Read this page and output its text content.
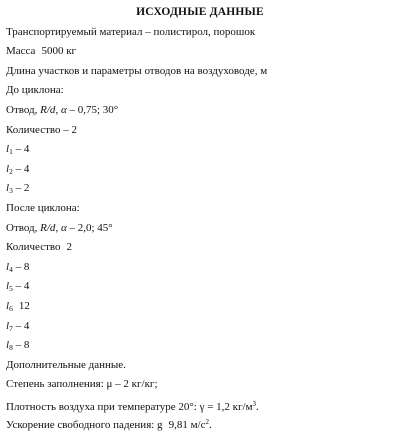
ИСХОДНЫЕ ДАННЫЕ
Транспортируемый материал – полистирол, порошок
Масса 5000 кг
Длина участков и параметры отводов на воздуховоде, м
До циклона:
Отвод, R/d, α – 0,75; 30°
Количество – 2
$l_1 - 4$
$l_2 - 4$
$l_3 - 2$
После циклона:
Отвод, R/d, α – 2,0; 45°
Количество 2
$l_4 - 8$
$l_5 - 4$
$l_6$ 12
$l_7 - 4$
$l_8 - 8$
Дополнительные данные.
Степень заполнения: μ – 2 кг/кг;
Плотность воздуха при температуре 20°: γ = 1,2 $кг/м^3$.
Ускорение свободного падения: g 9,81 $м/с^2$.
